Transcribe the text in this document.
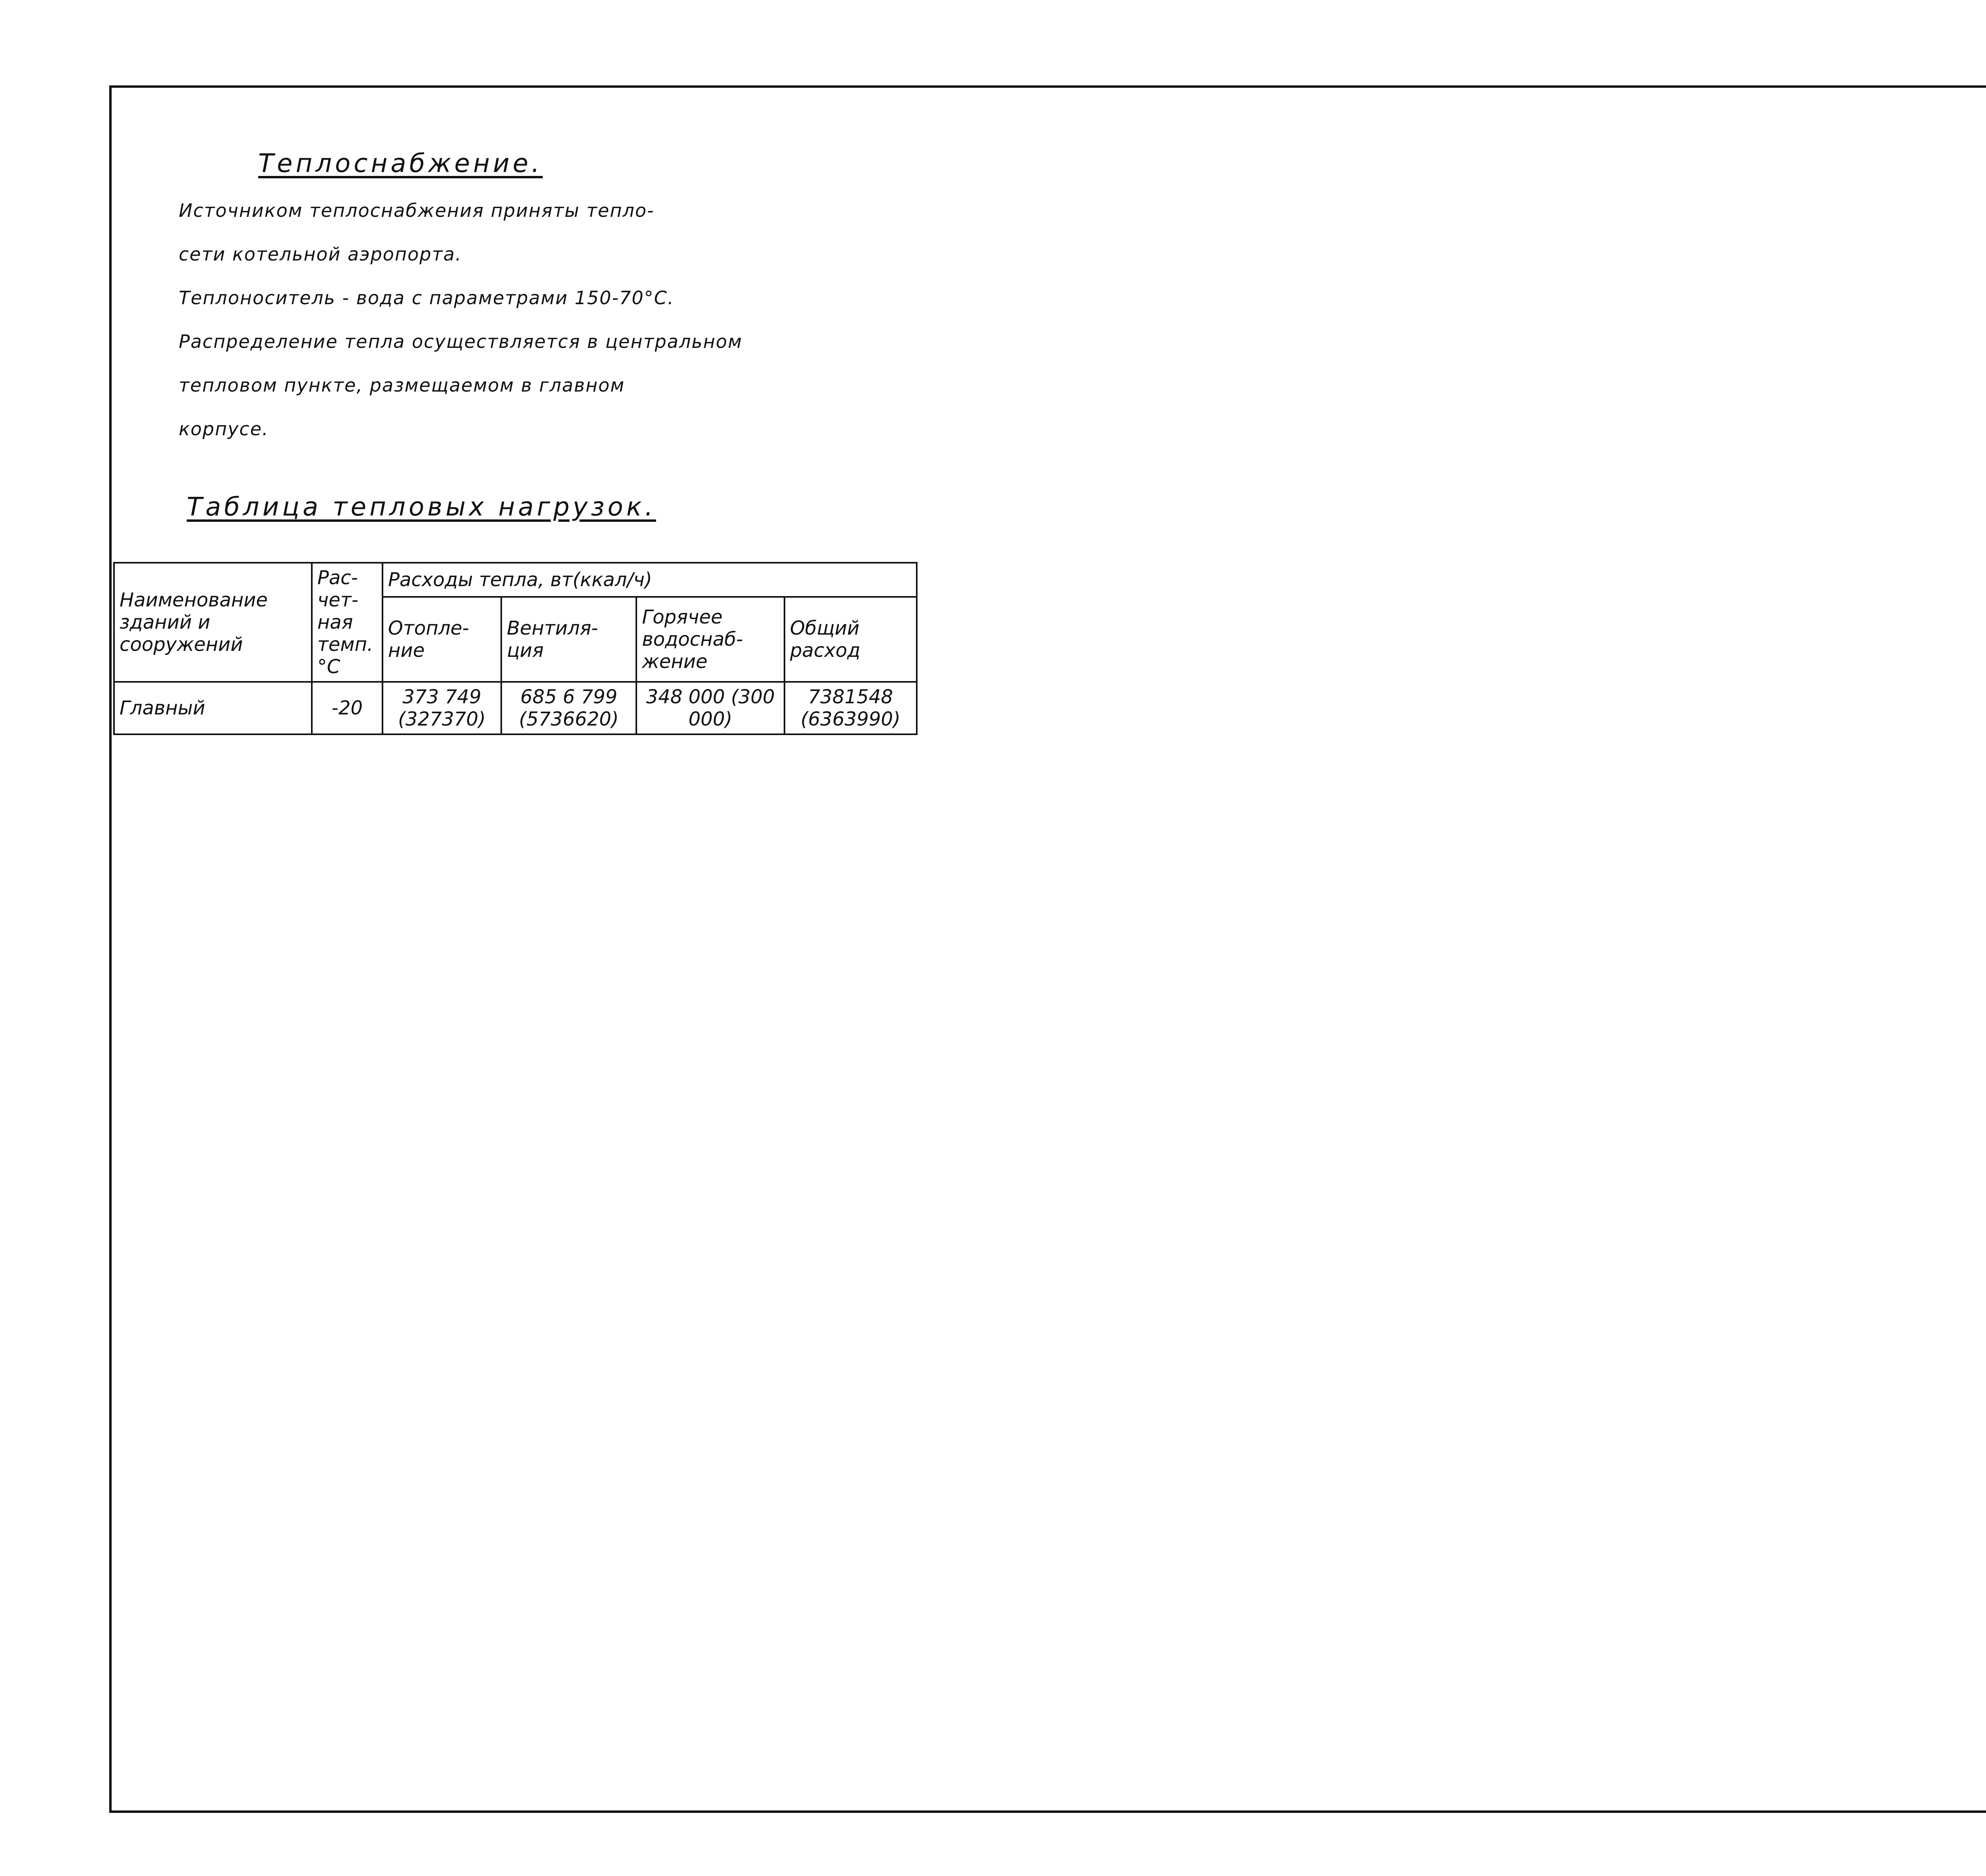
Теплоснабжение.
Источником теплоснабжения приняты тепло-
сети котельной аэропорта.
Теплоноситель - вода с параметрами 150-70°С.
Распределение тепла осуществляется в центральном
тепловом пункте, размещаемом в главном
корпусе.
Таблица тепловых нагрузок.
Наименование зданий и сооружений	Рас-чет-ная темп. °С	Расходы тепла, вт(ккал/ч)			
		Отопле-ние	Вентиля-ция	Горячее водоснаб-жение	Общий расход
Главный	-20	373 749 (327370)	685 6 799 (5736620)	348 000 (300 000)	7381548 (6363990)
